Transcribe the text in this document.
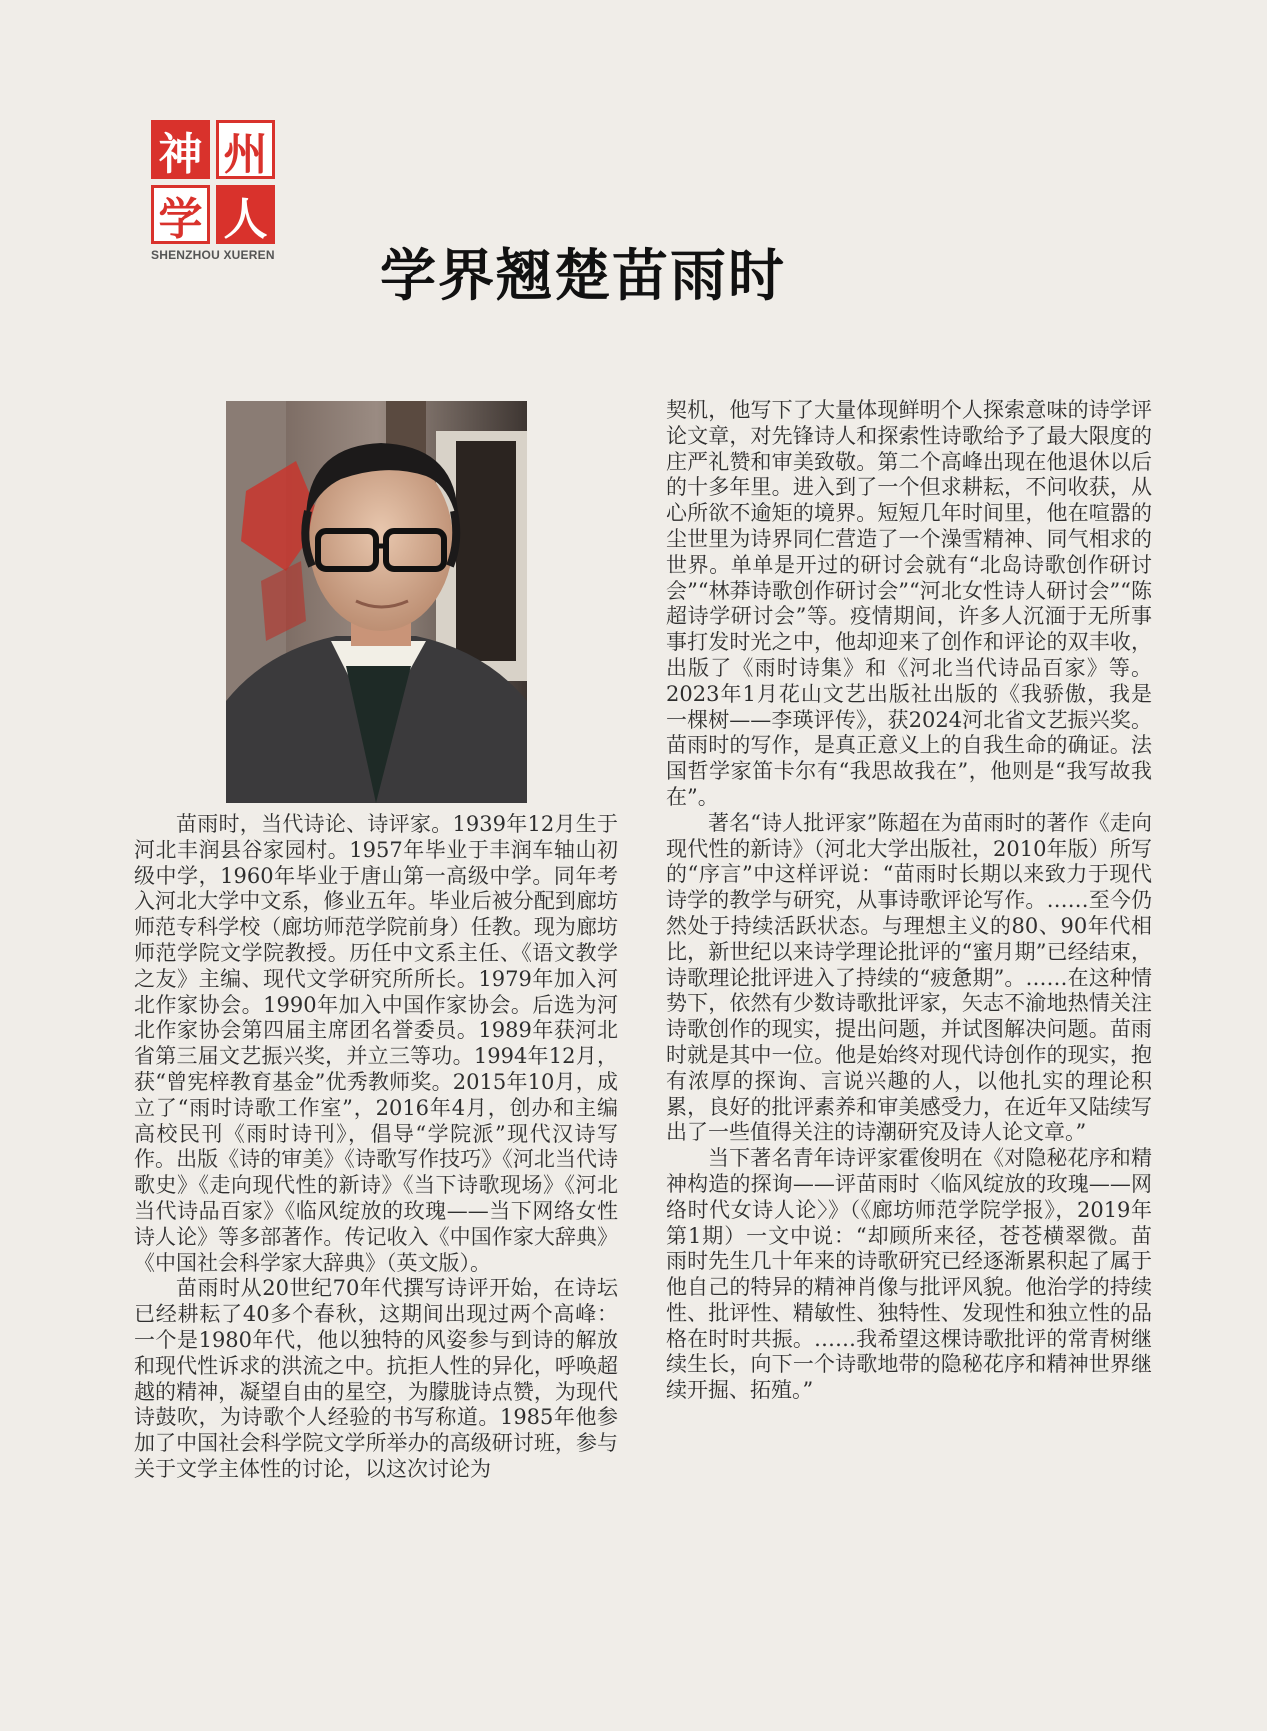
神 州
学 人
SHENZHOU XUEREN 学界翘楚苗雨时

苗雨时，当代诗论、诗评家。1939年12月生于河北丰润县谷家园村。1957年毕业于丰润车轴山初级中学，1960年毕业于唐山第一高级中学。同年考入河北大学中文系，修业五年。毕业后被分配到廊坊师范专科学校（廊坊师范学院前身）任教。现为廊坊师范学院文学院教授。历任中文系主任、《语文教学之友》主编、现代文学研究所所长。1979年加入河北作家协会。1990年加入中国作家协会。后选为河北作家协会第四届主席团名誉委员。1989年获河北省第三届文艺振兴奖，并立三等功。1994年12月，获“曾宪梓教育基金”优秀教师奖。2015年10月，成立了“雨时诗歌工作室”，2016年4月，创办和主编高校民刊《雨时诗刊》，倡导“学院派”现代汉诗写作。出版《诗的审美》《诗歌写作技巧》《河北当代诗歌史》《走向现代性的新诗》《当下诗歌现场》《河北当代诗品百家》《临风绽放的玫瑰——当下网络女性诗人论》等多部著作。传记收入《中国作家大辞典》《中国社会科学家大辞典》（英文版）。

苗雨时从20世纪70年代撰写诗评开始，在诗坛已经耕耘了40多个春秋，这期间出现过两个高峰：一个是1980年代，他以独特的风姿参与到诗的解放和现代性诉求的洪流之中。抗拒人性的异化，呼唤超越的精神，凝望自由的星空，为朦胧诗点赞，为现代诗鼓吹，为诗歌个人经验的书写称道。1985年他参加了中国社会科学院文学所举办的高级研讨班，参与关于文学主体性的讨论，以这次讨论为

契机，他写下了大量体现鲜明个人探索意味的诗学评论文章，对先锋诗人和探索性诗歌给予了最大限度的庄严礼赞和审美致敬。第二个高峰出现在他退休以后的十多年里。进入到了一个但求耕耘，不问收获，从心所欲不逾矩的境界。短短几年时间里，他在喧嚣的尘世里为诗界同仁营造了一个澡雪精神、同气相求的世界。单单是开过的研讨会就有“北岛诗歌创作研讨会”“林莽诗歌创作研讨会”“河北女性诗人研讨会”“陈超诗学研讨会”等。疫情期间，许多人沉湎于无所事事打发时光之中，他却迎来了创作和评论的双丰收，出版了《雨时诗集》和《河北当代诗品百家》等。2023年1月花山文艺出版社出版的《我骄傲，我是一棵树——李瑛评传》，获2024河北省文艺振兴奖。苗雨时的写作，是真正意义上的自我生命的确证。法国哲学家笛卡尔有“我思故我在”，他则是“我写故我在”。

著名“诗人批评家”陈超在为苗雨时的著作《走向现代性的新诗》（河北大学出版社，2010年版）所写的“序言”中这样评说：“苗雨时长期以来致力于现代诗学的教学与研究，从事诗歌评论写作。……至今仍然处于持续活跃状态。与理想主义的80、90年代相比，新世纪以来诗学理论批评的“蜜月期”已经结束，诗歌理论批评进入了持续的“疲惫期”。……在这种情势下，依然有少数诗歌批评家，矢志不渝地热情关注诗歌创作的现实，提出问题，并试图解决问题。苗雨时就是其中一位。他是始终对现代诗创作的现实，抱有浓厚的探询、言说兴趣的人，以他扎实的理论积累，良好的批评素养和审美感受力，在近年又陆续写出了一些值得关注的诗潮研究及诗人论文章。”

当下著名青年诗评家霍俊明在《对隐秘花序和精神构造的探询——评苗雨时〈临风绽放的玫瑰——网络时代女诗人论〉》（《廊坊师范学院学报》，2019年第1期）一文中说：“却顾所来径，苍苍横翠微。苗雨时先生几十年来的诗歌研究已经逐渐累积起了属于他自己的特异的精神肖像与批评风貌。他治学的持续性、批评性、精敏性、独特性、发现性和独立性的品格在时时共振。……我希望这棵诗歌批评的常青树继续生长，向下一个诗歌地带的隐秘花序和精神世界继续开掘、拓殖。”
